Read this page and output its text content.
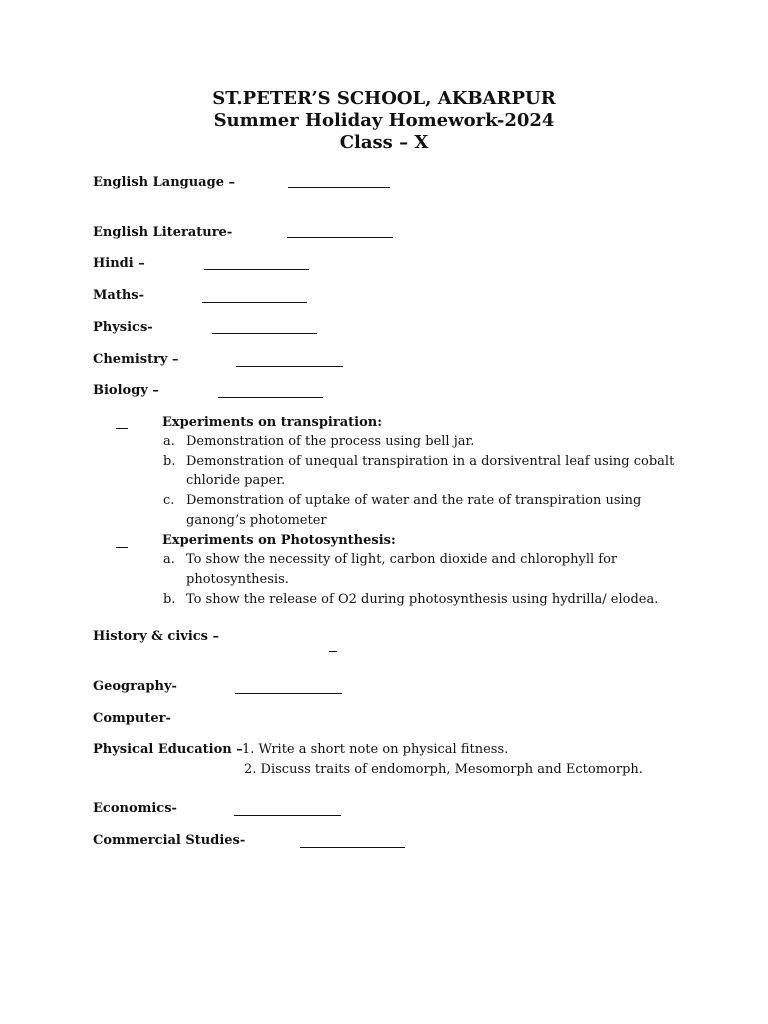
ST.PETER’S SCHOOL, AKBARPUR
Summer Holiday Homework-2024
Class – X
English Language –
English Literature-
Hindi –
Maths-
Physics-
Chemistry –
Biology –
Experiments on transpiration:
a. Demonstration of the process using bell jar.
b. Demonstration of unequal transpiration in a dorsiventral leaf using cobalt
chloride paper.
c. Demonstration of uptake of water and the rate of transpiration using
ganong’s photometer
Experiments on Photosynthesis:
a. To show the necessity of light, carbon dioxide and chlorophyll for
photosynthesis.
b. To show the release of O2 during photosynthesis using hydrilla/ elodea.
History & civics –
Geography-
Computer-
Physical Education – 1. Write a short note on physical fitness.
2. Discuss traits of endomorph, Mesomorph and Ectomorph.
Economics-
Commercial Studies-
